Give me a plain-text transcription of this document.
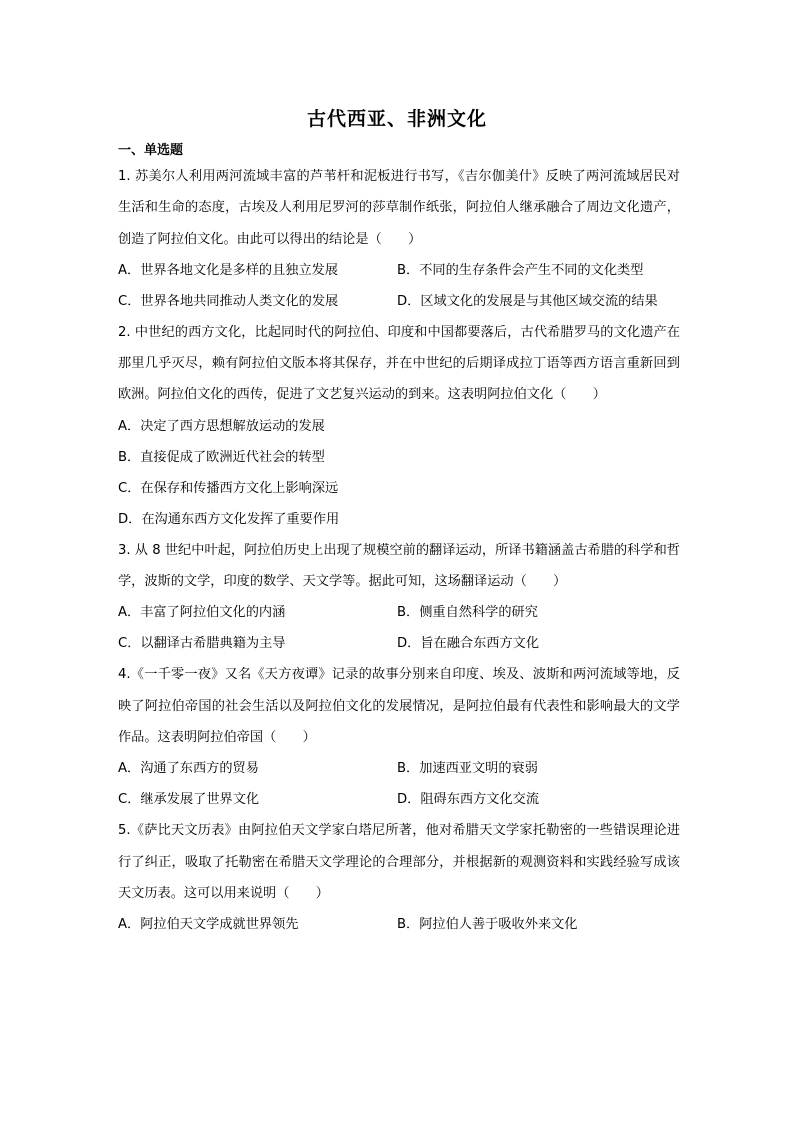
古代西亚、非洲文化
一、单选题

1. 苏美尔人利用两河流域丰富的芦苇杆和泥板进行书写，《吉尔伽美什》反映了两河流域居民对生活和生命的态度，古埃及人利用尼罗河的莎草制作纸张，阿拉伯人继承融合了周边文化遗产，创造了阿拉伯文化。由此可以得出的结论是（　　）

A．世界各地文化是多样的且独立发展	B．不同的生存条件会产生不同的文化类型
C．世界各地共同推动人类文化的发展	D．区域文化的发展是与其他区域交流的结果

2. 中世纪的西方文化，比起同时代的阿拉伯、印度和中国都要落后，古代希腊罗马的文化遗产在那里几乎灭尽，赖有阿拉伯文版本将其保存，并在中世纪的后期译成拉丁语等西方语言重新回到欧洲。阿拉伯文化的西传，促进了文艺复兴运动的到来。这表明阿拉伯文化（　　）

A．决定了西方思想解放运动的发展
B．直接促成了欧洲近代社会的转型
C．在保存和传播西方文化上影响深远
D．在沟通东西方文化发挥了重要作用

3. 从 8 世纪中叶起，阿拉伯历史上出现了规模空前的翻译运动，所译书籍涵盖古希腊的科学和哲学，波斯的文学，印度的数学、天文学等。据此可知，这场翻译运动（　　）

A．丰富了阿拉伯文化的内涵	B．侧重自然科学的研究
C．以翻译古希腊典籍为主导	D．旨在融合东西方文化

4.《一千零一夜》又名《天方夜谭》记录的故事分别来自印度、埃及、波斯和两河流域等地，反映了阿拉伯帝国的社会生活以及阿拉伯文化的发展情况，是阿拉伯最有代表性和影响最大的文学作品。这表明阿拉伯帝国（　　）

A．沟通了东西方的贸易	B．加速西亚文明的衰弱
C．继承发展了世界文化	D．阻碍东西方文化交流

5.《萨比天文历表》由阿拉伯天文学家白塔尼所著，他对希腊天文学家托勒密的一些错误理论进行了纠正，吸取了托勒密在希腊天文学理论的合理部分，并根据新的观测资料和实践经验写成该天文历表。这可以用来说明（　　）

A．阿拉伯天文学成就世界领先	B．阿拉伯人善于吸收外来文化
